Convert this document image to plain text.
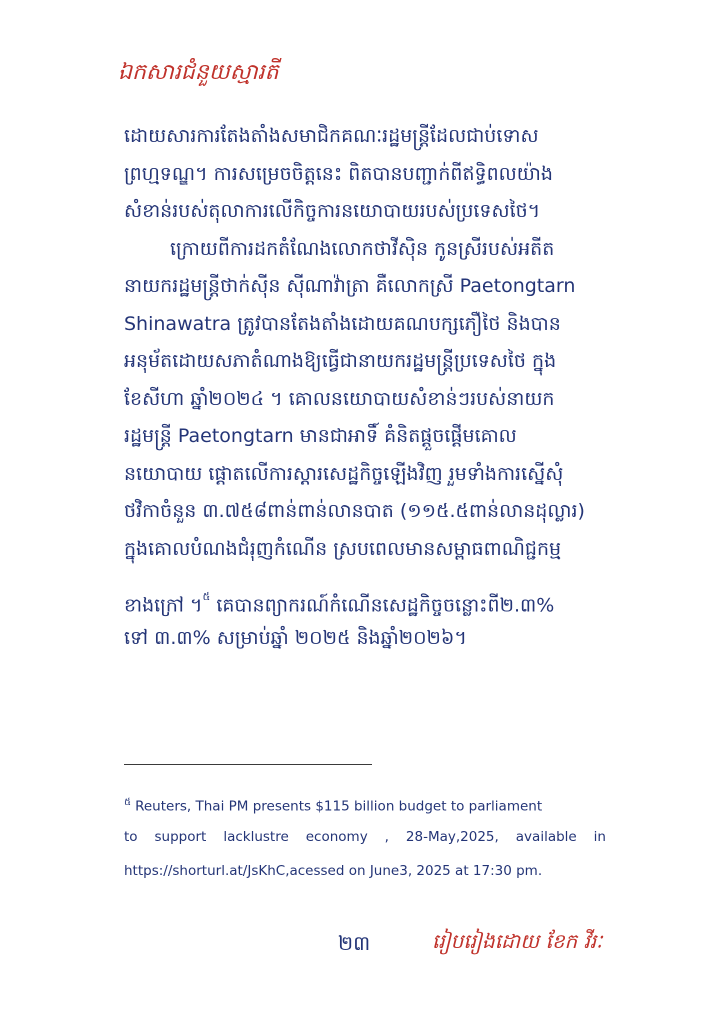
ឯកសារជំនួយស្មារតី
ដោយសារការតែងតាំងសមាជិកគណៈរដ្ឋមន្ត្រីដែលជាប់ទោស
ព្រហ្មទណ្ឌ។ ការសម្រេចចិត្តនេះ ពិតបានបញ្ជាក់ពីឥទ្ធិពលយ៉ាង
សំខាន់របស់តុលាការលើកិច្ចការនយោបាយរបស់ប្រទេសថៃ។
ក្រោយពីការដកតំណែងលោកថាវីស៊ិន កូនស្រីរបស់អតីត
នាយករដ្ឋមន្ត្រីថាក់ស៊ីន ស៊ីណាវ៉ាត្រា គឺលោកស្រី Paetongtarn
Shinawatra ត្រូវបានតែងតាំងដោយគណបក្សភឿថៃ និងបាន
អនុម័តដោយសភាតំណាងឱ្យធ្វើជានាយករដ្ឋមន្ត្រីប្រទេសថៃ ក្នុង
ខែសីហា ឆ្នាំ២០២៤ ។ គោលនយោបាយសំខាន់ៗរបស់នាយក
រដ្ឋមន្ត្រី Paetongtarn មានជាអាទិ៍ គំនិតផ្តួចផ្តើមគោល
នយោបាយ ផ្តោតលើការស្តារសេដ្ឋកិច្ចឡើងវិញ រួមទាំងការស្នើសុំ
ថវិកាចំនួន ៣.៧៥៨ពាន់ពាន់លានបាត (១១៥.៥ពាន់លានដុល្លារ)
ក្នុងគោលបំណងជំរុញកំណើន ស្របពេលមានសម្ពាធពាណិជ្ជកម្ម
ខាងក្រៅ ។$^៥$ គេបានព្យាករណ៍កំណើនសេដ្ឋកិច្ចចន្លោះពី២.៣%
ទៅ ៣.៣% សម្រាប់ឆ្នាំ ២០២៥ និងឆ្នាំ២០២៦។
$^៥$ Reuters, Thai PM presents $115 billion budget to parliament
to support lacklustre economy , 28-May,2025, available in
https://shorturl.at/JsKhC,acessed on June3, 2025 at 17:30 pm.
២៣	រៀបរៀងដោយ ខែក វីរៈ
